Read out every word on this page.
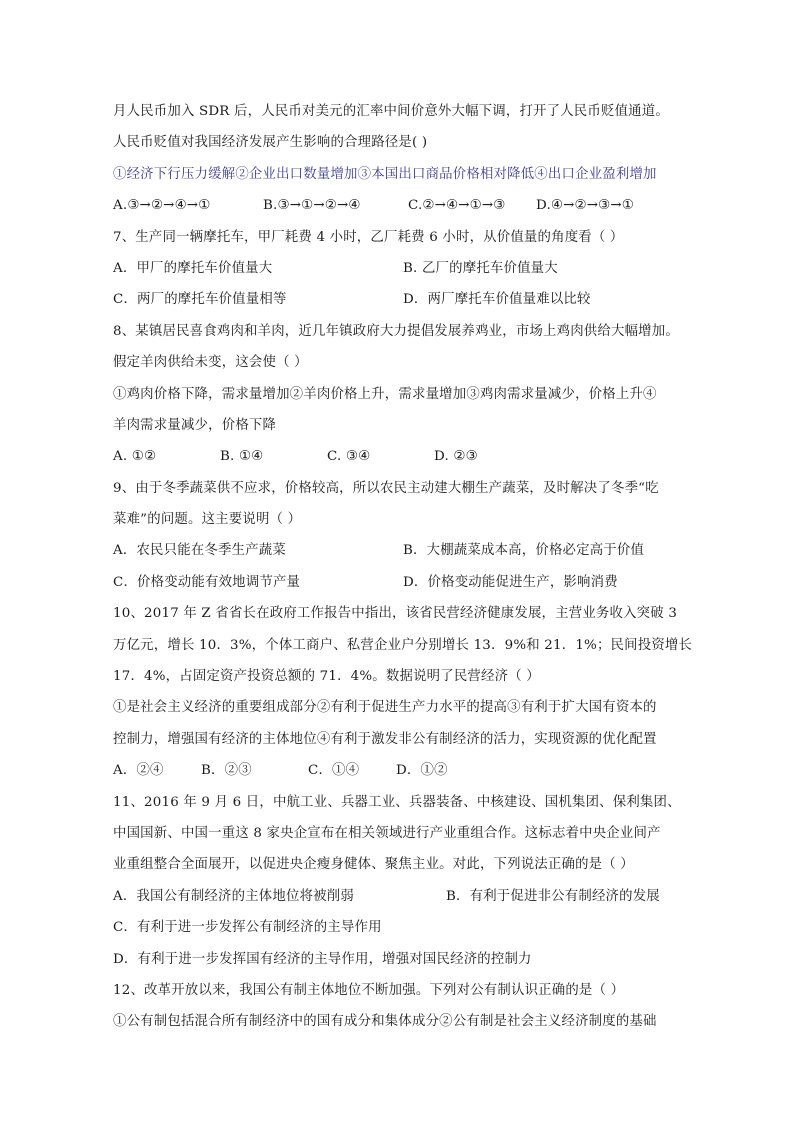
月人民币加入 SDR 后，人民币对美元的汇率中间价意外大幅下调，打开了人民币贬值通道。
人民币贬值对我国经济发展产生影响的合理路径是( )
①经济下行压力缓解②企业出口数量增加③本国出口商品价格相对降低④出口企业盈利增加
A.③→②→④→①	B.③→①→②→④	C.②→④→①→③	D.④→②→③→①
7、生产同一辆摩托车，甲厂耗费 4 小时，乙厂耗费 6 小时，从价值量的角度看（ ）
A．甲厂的摩托车价值量大	B. 乙厂的摩托车价值量大
C．两厂的摩托车价值量相等	D．两厂摩托车价值量难以比较
8、某镇居民喜食鸡肉和羊肉，近几年镇政府大力提倡发展养鸡业，市场上鸡肉供给大幅增加。
假定羊肉供给未变，这会使（ ）
①鸡肉价格下降，需求量增加②羊肉价格上升，需求量增加③鸡肉需求量减少，价格上升④
羊肉需求量减少，价格下降
A. ①②	B. ①④	C. ③④	D. ②③
9、由于冬季蔬菜供不应求，价格较高，所以农民主动建大棚生产蔬菜，及时解决了冬季“吃
菜难”的问题。这主要说明（ ）
A．农民只能在冬季生产蔬菜	B．大棚蔬菜成本高，价格必定高于价值
C．价格变动能有效地调节产量	D．价格变动能促进生产，影响消费
10、2017 年 Z 省省长在政府工作报告中指出，该省民营经济健康发展，主营业务收入突破 3
万亿元，增长 10．3%，个体工商户、私营企业户分别增长 13．9%和 21．1%；民间投资增长
17．4%，占固定资产投资总额的 71．4%。数据说明了民营经济（ ）
①是社会主义经济的重要组成部分②有利于促进生产力水平的提高③有利于扩大国有资本的
控制力，增强国有经济的主体地位④有利于激发非公有制经济的活力，实现资源的优化配置
A．②④	B．②③	C．①④	D．①②
11、2016 年 9 月 6 日，中航工业、兵器工业、兵器装备、中核建设、国机集团、保利集团、
中国国新、中国一重这 8 家央企宣布在相关领域进行产业重组合作。这标志着中央企业间产
业重组整合全面展开，以促进央企瘦身健体、聚焦主业。对此，下列说法正确的是（ ）
A．我国公有制经济的主体地位将被削弱	B．有利于促进非公有制经济的发展
C．有利于进一步发挥公有制经济的主导作用
D．有利于进一步发挥国有经济的主导作用，增强对国民经济的控制力
12、改革开放以来，我国公有制主体地位不断加强。下列对公有制认识正确的是（ ）
①公有制包括混合所有制经济中的国有成分和集体成分②公有制是社会主义经济制度的基础
